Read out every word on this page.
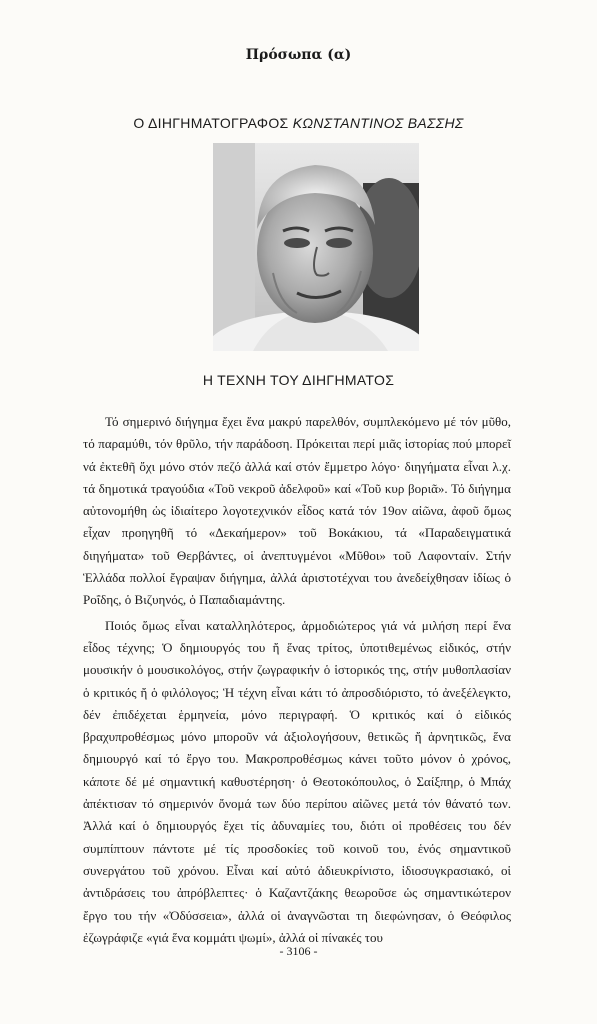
Πρόσωπα (α)
Ο ΔΙΗΓΗΜΑΤΟΓΡΑΦΟΣ ΚΩΝΣΤΑΝΤΙΝΟΣ ΒΑΣΣΗΣ
Η ΤΕΧΝΗ ΤΟΥ ΔΙΗΓΗΜΑΤΟΣ

Τό σημερινό διήγημα ἔχει ἕνα μακρύ παρελθόν, συμπλεκόμενο μέ τόν μῦθο, τό παραμύθι, τόν θρῦλο, τήν παράδοση. Πρόκειται περί μιᾶς ἱστορίας πού μπορεῖ νά ἐκτεθῆ ὄχι μόνο στόν πεζό ἀλλά καί στόν ἔμμετρο λόγο· διηγήματα εἶναι λ.χ. τά δημοτικά τραγούδια «Τοῦ νεκροῦ ἀδελφοῦ» καί «Τοῦ κυρ βοριᾶ». Τό διήγημα αὐτονομήθη ὡς ἰδιαίτερο λογοτεχνικόν εἶδος κατά τόν 19ον αἰῶνα, ἀφοῦ ὅμως εἶχαν προηγηθῆ τό «Δεκαήμερον» τοῦ Βοκάκιου, τά «Παραδειγματικά διηγήματα» τοῦ Θερβάντες, οἱ ἀνεπτυγμένοι «Μῦθοι» τοῦ Λαφονταίν. Στήν Ἑλλάδα πολλοί ἔγραψαν διήγημα, ἀλλά ἀριστοτέχναι του ἀνεδείχθησαν ἰδίως ὁ Ροΐδης, ὁ Βιζυηνός, ὁ Παπαδιαμάντης.

Ποιός ὅμως εἶναι καταλληλότερος, ἁρμοδιώτερος γιά νά μιλήση περί ἕνα εἶδος τέχνης; Ὁ δημιουργός του ἤ ἕνας τρίτος, ὑποτιθεμένως εἰδικός, στήν μουσικήν ὁ μουσικολόγος, στήν ζωγραφικήν ὁ ἱστορικός της, στήν μυθοπλασίαν ὁ κριτικός ἤ ὁ φιλόλογος; Ἡ τέχνη εἶναι κάτι τό ἀπροσδιόριστο, τό ἀνεξέλεγκτο, δέν ἐπιδέχεται ἑρμηνεία, μόνο περιγραφή. Ὁ κριτικός καί ὁ εἰδικός βραχυπροθέσμως μόνο μποροῦν νά ἀξιολογήσουν, θετικῶς ἤ ἀρνητικῶς, ἕνα δημιουργό καί τό ἔργο του. Μακροπροθέσμως κάνει τοῦτο μόνον ὁ χρόνος, κάποτε δέ μέ σημαντική καθυστέρηση· ὁ Θεοτοκόπουλος, ὁ Σαίξπηρ, ὁ Μπάχ ἀπέκτισαν τό σημερινόν ὄνομά των δύο περίπου αἰῶνες μετά τόν θάνατό των. Ἀλλά καί ὁ δημιουργός ἔχει τίς ἀδυναμίες του, διότι οἱ προθέσεις του δέν συμπίπτουν πάντοτε μέ τίς προσδοκίες τοῦ κοινοῦ του, ἑνός σημαντικοῦ συνεργάτου τοῦ χρόνου. Εἶναι καί αὐτό ἀδιευκρίνιστο, ἰδιοσυγκρασιακό, οἱ ἀντιδράσεις του ἀπρόβλεπτες· ὁ Καζαντζάκης θεωροῦσε ὡς σημαντικώτερον ἔργο του τήν «Ὀδύσσεια», ἀλλά οἱ ἀναγνῶσται τη διεφώνησαν, ὁ Θεόφιλος ἐζωγράφιζε «γιά ἕνα κομμάτι ψωμί», ἀλλά οἱ πίνακές του

- 3106 -
